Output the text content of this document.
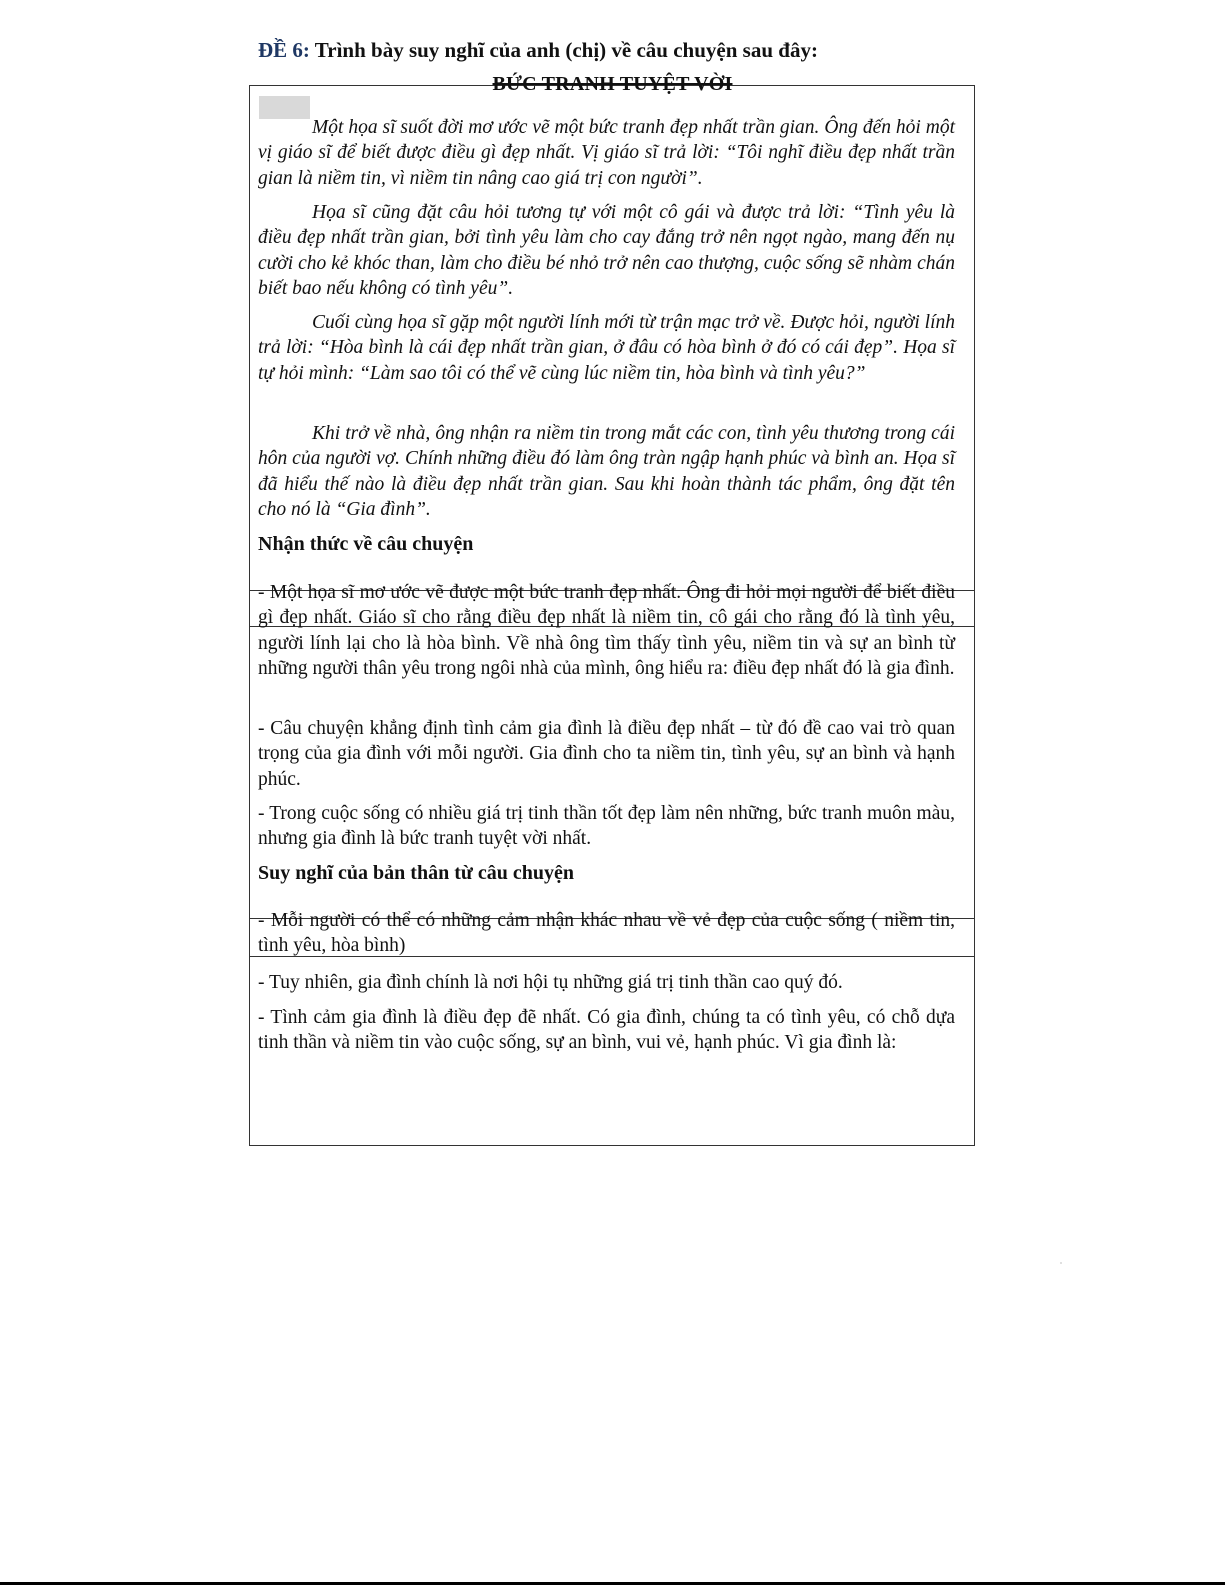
ĐỀ 6: Trình bày suy nghĩ của anh (chị) về câu chuyện sau đây:
BỨC TRANH TUYỆT VỜI

Một họa sĩ suốt đời mơ ước vẽ một bức tranh đẹp nhất trần gian. Ông đến hỏi một vị giáo sĩ để biết được điều gì đẹp nhất. Vị giáo sĩ trả lời: “Tôi nghĩ điều đẹp nhất trần gian là niềm tin, vì niềm tin nâng cao giá trị con người”.

Họa sĩ cũng đặt câu hỏi tương tự với một cô gái và được trả lời: “Tình yêu là điều đẹp nhất trần gian, bởi tình yêu làm cho cay đắng trở nên ngọt ngào, mang đến nụ cười cho kẻ khóc than, làm cho điều bé nhỏ trở nên cao thượng, cuộc sống sẽ nhàm chán biết bao nếu không có tình yêu”.

Cuối cùng họa sĩ gặp một người lính mới từ trận mạc trở về. Được hỏi, người lính trả lời: “Hòa bình là cái đẹp nhất trần gian, ở đâu có hòa bình ở đó có cái đẹp”. Họa sĩ tự hỏi mình: “Làm sao tôi có thể vẽ cùng lúc niềm tin, hòa bình và tình yêu?”

Khi trở về nhà, ông nhận ra niềm tin trong mắt các con, tình yêu thương trong cái hôn của người vợ. Chính những điều đó làm ông tràn ngập hạnh phúc và bình an. Họa sĩ đã hiểu thế nào là điều đẹp nhất trần gian. Sau khi hoàn thành tác phẩm, ông đặt tên cho nó là “Gia đình”.

Nhận thức về câu chuyện

- Một họa sĩ mơ ước vẽ được một bức tranh đẹp nhất. Ông đi hỏi mọi người để biết điều gì đẹp nhất. Giáo sĩ cho rằng điều đẹp nhất là niềm tin, cô gái cho rằng đó là tình yêu, người lính lại cho là hòa bình. Về nhà ông tìm thấy tình yêu, niềm tin và sự an bình từ những người thân yêu trong ngôi nhà của mình, ông hiểu ra: điều đẹp nhất đó là gia đình.

- Câu chuyện khẳng định tình cảm gia đình là điều đẹp nhất – từ đó đề cao vai trò quan trọng của gia đình với mỗi người. Gia đình cho ta niềm tin, tình yêu, sự an bình và hạnh phúc.

- Trong cuộc sống có nhiều giá trị tinh thần tốt đẹp làm nên những, bức tranh muôn màu, nhưng gia đình là bức tranh tuyệt vời nhất.

Suy nghĩ của bản thân từ câu chuyện

- Mỗi người có thể có những cảm nhận khác nhau về vẻ đẹp của cuộc sống ( niềm tin, tình yêu, hòa bình)

- Tuy nhiên, gia đình chính là nơi hội tụ những giá trị tinh thần cao quý đó.

- Tình cảm gia đình là điều đẹp đẽ nhất. Có gia đình, chúng ta có tình yêu, có chỗ dựa tinh thần và niềm tin vào cuộc sống, sự an bình, vui vẻ, hạnh phúc. Vì gia đình là:
